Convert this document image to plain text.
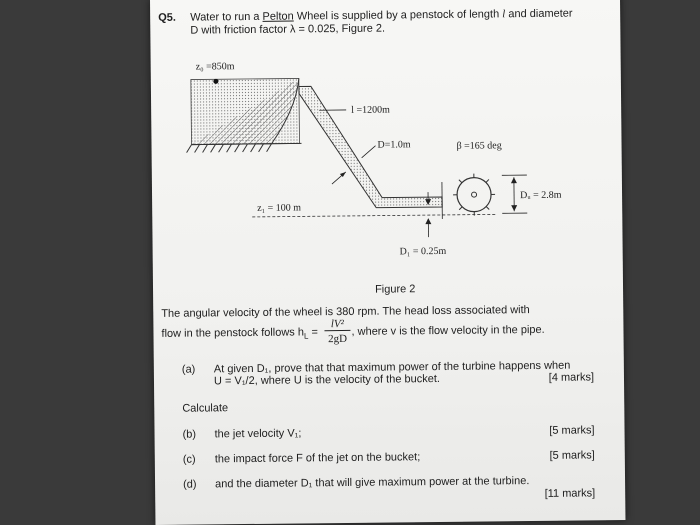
Q5. Water to run a Pelton Wheel is supplied by a penstock of length l and diameter
D with friction factor λ = 0.025, Figure 2.
z₀ =850m
l =1200m
D=1.0m	β =165 deg
Dᵤ = 2.8m
z₁ = 100 m
D₁ = 0.25m
Figure 2
The angular velocity of the wheel is 380 rpm. The head loss associated with
flow in the penstock follows $h_L$ =
lV²
2gD
, where v is the flow velocity in the pipe.
(a) At given D₁, prove that that maximum power of the turbine happens when
U = V₁/2, where U is the velocity of the bucket.	[4 marks]
Calculate
(b) the jet velocity V₁;	[5 marks]
(c) the impact force F of the jet on the bucket;	[5 marks]
(d) and the diameter D₁ that will give maximum power at the turbine.
[11 marks]
